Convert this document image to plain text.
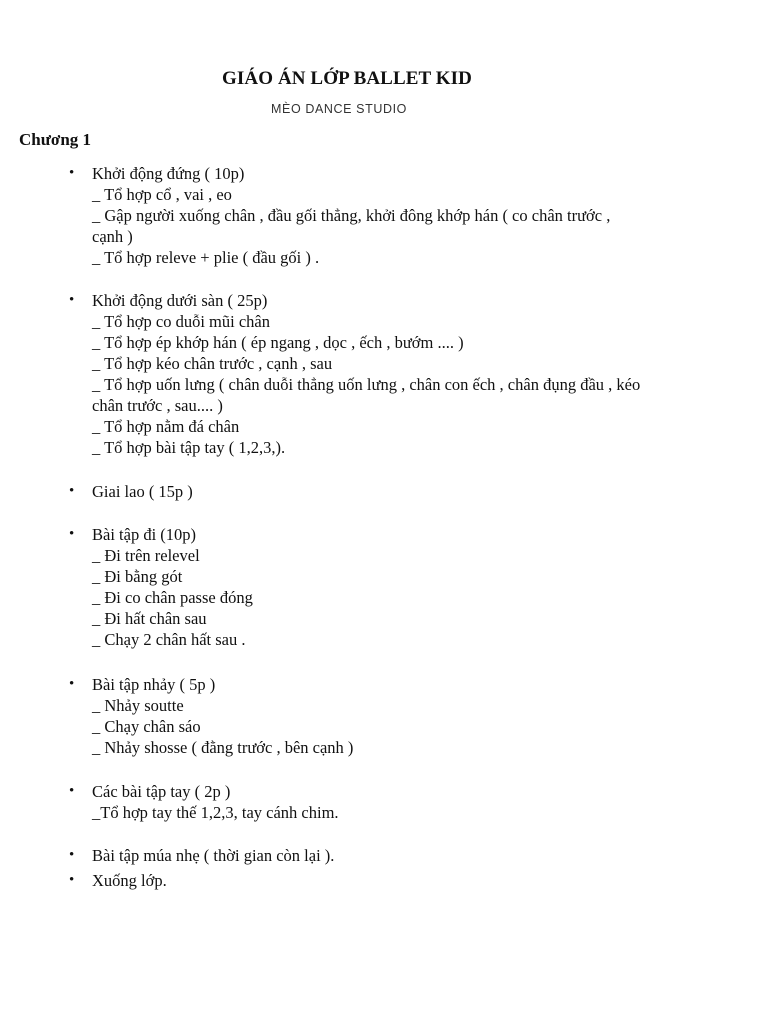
GIÁO ÁN LỚP BALLET KID
MÈO DANCE STUDIO
Chương 1
• Khởi động đứng ( 10p)
_ Tổ hợp cổ , vai , eo
_ Gập người xuống chân , đầu gối thẳng, khởi đông khớp hán ( co chân trước ,
cạnh )
_ Tổ hợp releve + plie ( đầu gối ) .
• Khởi động dưới sàn ( 25p)
_ Tổ hợp co duỗi mũi chân
_ Tổ hợp ép khớp hán ( ép ngang , dọc , ếch , bướm .... )
_ Tổ hợp kéo chân trước , cạnh , sau
_ Tổ hợp uốn lưng ( chân duỗi thẳng uốn lưng , chân con ếch , chân đụng đầu , kéo
chân trước , sau.... )
_ Tổ hợp nằm đá chân
_ Tổ hợp bài tập tay ( 1,2,3,).
• Giai lao ( 15p )
• Bài tập đi (10p)
_ Đi trên relevel
_ Đi bằng gót
_ Đi co chân passe đóng
_ Đi hất chân sau
_ Chạy 2 chân hất sau .
• Bài tập nhảy ( 5p )
_ Nhảy soutte
_ Chạy chân sáo
_ Nhảy shosse ( đằng trước , bên cạnh )
• Các bài tập tay ( 2p )
_Tổ hợp tay thế 1,2,3, tay cánh chim.
• Bài tập múa nhẹ ( thời gian còn lại ).
• Xuống lớp.
